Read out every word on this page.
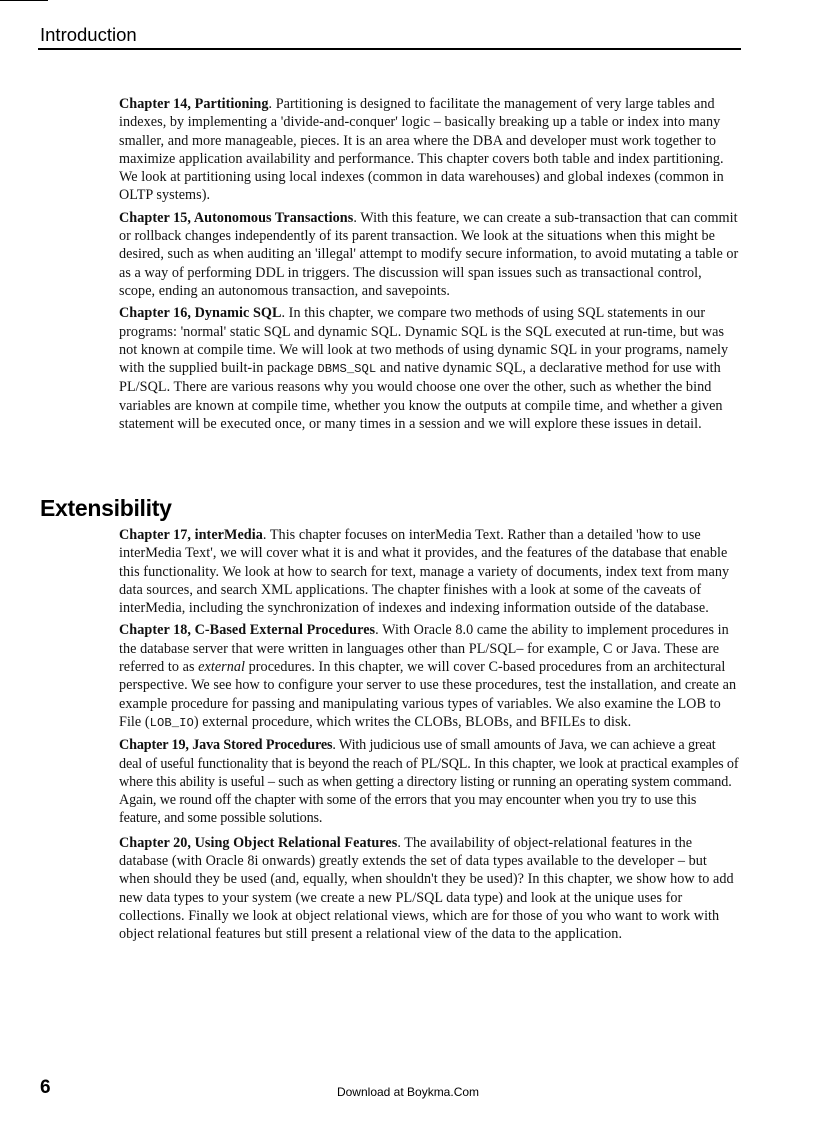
Introduction

Chapter 14, Partitioning. Partitioning is designed to facilitate the management of very large tables and indexes, by implementing a 'divide-and-conquer' logic – basically breaking up a table or index into many smaller, and more manageable, pieces. It is an area where the DBA and developer must work together to maximize application availability and performance. This chapter covers both table and index partitioning. We look at partitioning using local indexes (common in data warehouses) and global indexes (common in OLTP systems).

Chapter 15, Autonomous Transactions. With this feature, we can create a sub-transaction that can commit or rollback changes independently of its parent transaction. We look at the situations when this might be desired, such as when auditing an 'illegal' attempt to modify secure information, to avoid mutating a table or as a way of performing DDL in triggers. The discussion will span issues such as transactional control, scope, ending an autonomous transaction, and savepoints.

Chapter 16, Dynamic SQL. In this chapter, we compare two methods of using SQL statements in our programs: 'normal' static SQL and dynamic SQL. Dynamic SQL is the SQL executed at run-time, but was not known at compile time. We will look at two methods of using dynamic SQL in your programs, namely with the supplied built-in package DBMS_SQL and native dynamic SQL, a declarative method for use with PL/SQL. There are various reasons why you would choose one over the other, such as whether the bind variables are known at compile time, whether you know the outputs at compile time, and whether a given statement will be executed once, or many times in a session and we will explore these issues in detail.

Extensibility

Chapter 17, interMedia. This chapter focuses on interMedia Text. Rather than a detailed 'how to use interMedia Text', we will cover what it is and what it provides, and the features of the database that enable this functionality. We look at how to search for text, manage a variety of documents, index text from many data sources, and search XML applications. The chapter finishes with a look at some of the caveats of interMedia, including the synchronization of indexes and indexing information outside of the database.

Chapter 18, C-Based External Procedures. With Oracle 8.0 came the ability to implement procedures in the database server that were written in languages other than PL/SQL– for example, C or Java. These are referred to as external procedures. In this chapter, we will cover C-based procedures from an architectural perspective. We see how to configure your server to use these procedures, test the installation, and create an example procedure for passing and manipulating various types of variables. We also examine the LOB to File (LOB_IO) external procedure, which writes the CLOBs, BLOBs, and BFILEs to disk.

Chapter 19, Java Stored Procedures. With judicious use of small amounts of Java, we can achieve a great deal of useful functionality that is beyond the reach of PL/SQL. In this chapter, we look at practical examples of where this ability is useful – such as when getting a directory listing or running an operating system command. Again, we round off the chapter with some of the errors that you may encounter when you try to use this feature, and some possible solutions.

Chapter 20, Using Object Relational Features. The availability of object-relational features in the database (with Oracle 8i onwards) greatly extends the set of data types available to the developer – but when should they be used (and, equally, when shouldn't they be used)? In this chapter, we show how to add new data types to your system (we create a new PL/SQL data type) and look at the unique uses for collections. Finally we look at object relational views, which are for those of you who want to work with object relational features but still present a relational view of the data to the application.

6	Download at Boykma.Com
